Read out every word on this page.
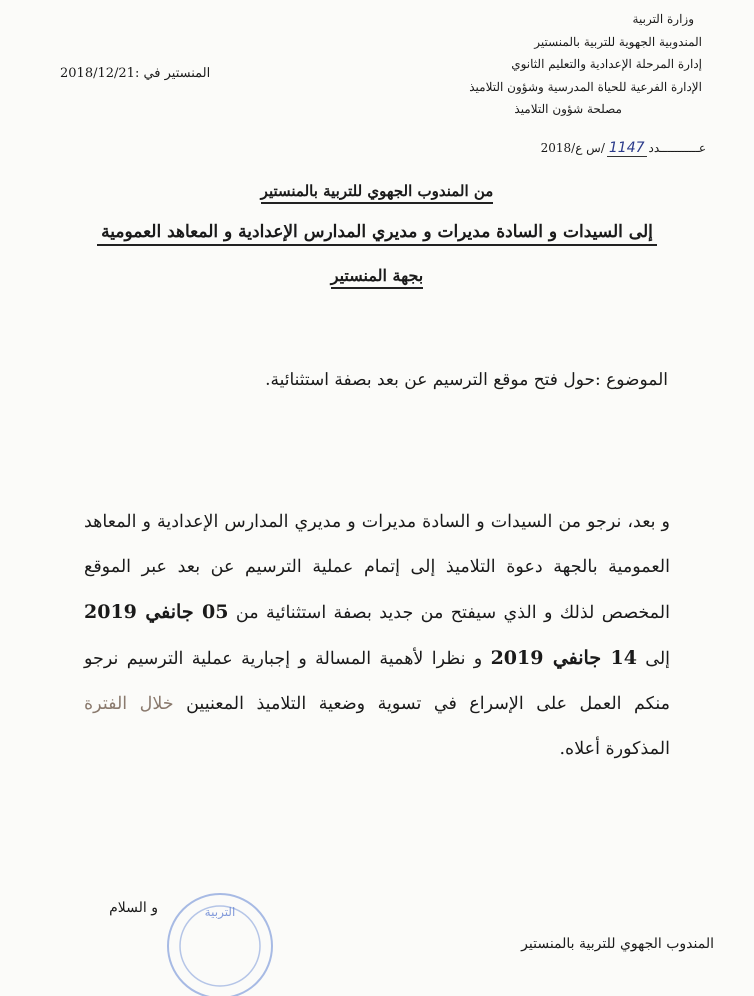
وزارة التربية
المندوبية الجهوية للتربية بالمنستير
إدارة المرحلة الإعدادية والتعليم الثانوي
الإدارة الفرعية للحياة المدرسية وشؤون التلاميذ
مصلحة شؤون التلاميذ
عـــــــــــدد
1147
/س ع/2018
المنستير في :2018/12/21
من المندوب الجهوي للتربية بالمنستير
إلى السيدات و السادة مديرات و مديري المدارس الإعدادية و المعاهد العمومية
بجهة المنستير
الموضوع :حول فتح موقع الترسيم عن بعد بصفة استثنائية.

و بعد، نرجو من السيدات و السادة مديرات و مديري المدارس الإعدادية و المعاهد العمومية بالجهة دعوة التلاميذ إلى إتمام عملية الترسيم عن بعد عبر الموقع المخصص لذلك و الذي سيفتح من جديد بصفة استثنائية من 05 جانفي 2019 إلى 14 جانفي 2019 و نظرا لأهمية المسالة و إجبارية عملية الترسيم نرجو منكم العمل على الإسراع في تسوية وضعية التلاميذ المعنيين خلال الفترة المذكورة أعلاه.

التربية
و السلام
المندوب الجهوي للتربية بالمنستير
